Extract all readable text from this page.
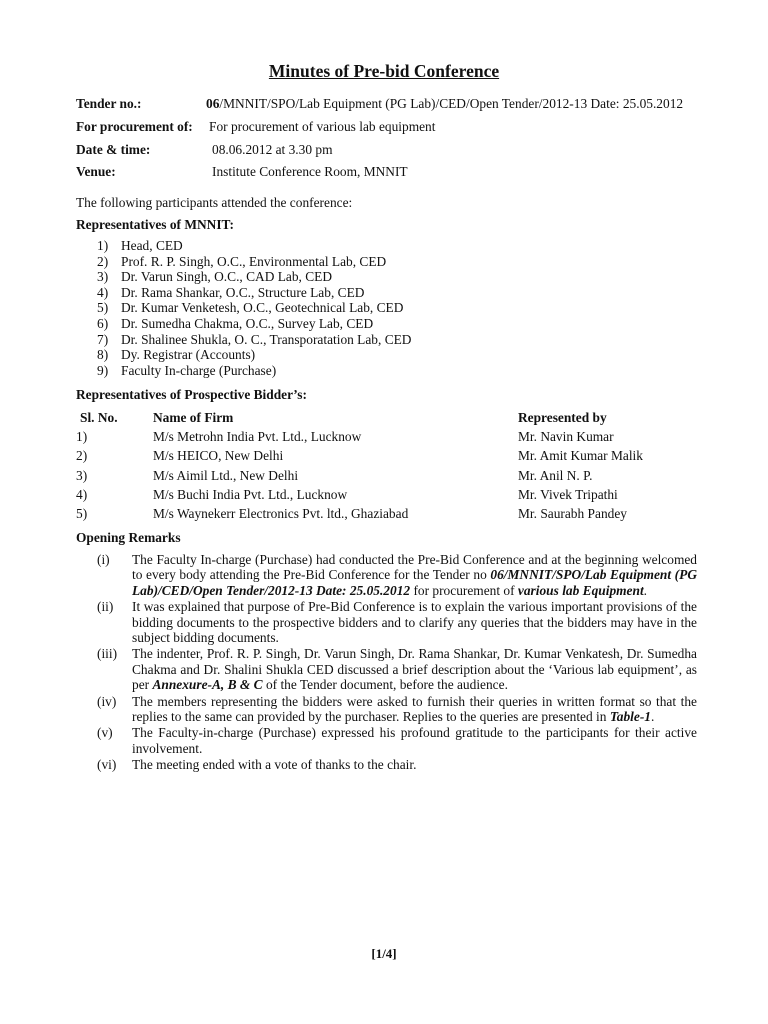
Minutes of Pre-bid Conference
Tender no.:	06/MNNIT/SPO/Lab Equipment (PG Lab)/CED/Open Tender/2012-13 Date: 25.05.2012
For procurement of: For procurement of various lab equipment
Date & time:	08.06.2012 at 3.30 pm
Venue:	Institute Conference Room, MNNIT
The following participants attended the conference:
Representatives of MNNIT:
1) Head, CED
2) Prof. R. P. Singh, O.C., Environmental Lab, CED
3) Dr. Varun Singh, O.C., CAD Lab, CED
4) Dr. Rama Shankar, O.C., Structure Lab, CED
5) Dr. Kumar Venketesh, O.C., Geotechnical Lab, CED
6) Dr. Sumedha Chakma, O.C., Survey Lab, CED
7) Dr. Shalinee Shukla, O. C., Transporatation Lab, CED
8) Dy. Registrar (Accounts)
9) Faculty In-charge (Purchase)
Representatives of Prospective Bidder’s:
Sl. No.	Name of Firm	Represented by
1)	M/s Metrohn India Pvt. Ltd., Lucknow	Mr. Navin Kumar
2)	M/s HEICO, New Delhi	Mr. Amit Kumar Malik
3)	M/s Aimil Ltd., New Delhi	Mr. Anil N. P.
4)	M/s Buchi India Pvt. Ltd., Lucknow	Mr. Vivek Tripathi
5)	M/s Waynekerr Electronics Pvt. ltd., Ghaziabad	Mr. Saurabh Pandey
Opening Remarks
(i) The Faculty In-charge (Purchase) had conducted the Pre-Bid Conference and at the beginning welcomed to every body attending the Pre-Bid Conference for the Tender no 06/MNNIT/SPO/Lab Equipment (PG Lab)/CED/Open Tender/2012-13 Date: 25.05.2012 for procurement of various lab Equipment.
(ii) It was explained that purpose of Pre-Bid Conference is to explain the various important provisions of the bidding documents to the prospective bidders and to clarify any queries that the bidders may have in the subject bidding documents.
(iii) The indenter, Prof. R. P. Singh, Dr. Varun Singh, Dr. Rama Shankar, Dr. Kumar Venkatesh, Dr. Sumedha Chakma and Dr. Shalini Shukla CED discussed a brief description about the ‘Various lab equipment’, as per Annexure-A, B & C of the Tender document, before the audience.
(iv) The members representing the bidders were asked to furnish their queries in written format so that the replies to the same can provided by the purchaser. Replies to the queries are presented in Table-1.
(v) The Faculty-in-charge (Purchase) expressed his profound gratitude to the participants for their active involvement.
(vi) The meeting ended with a vote of thanks to the chair.
[1/4]
